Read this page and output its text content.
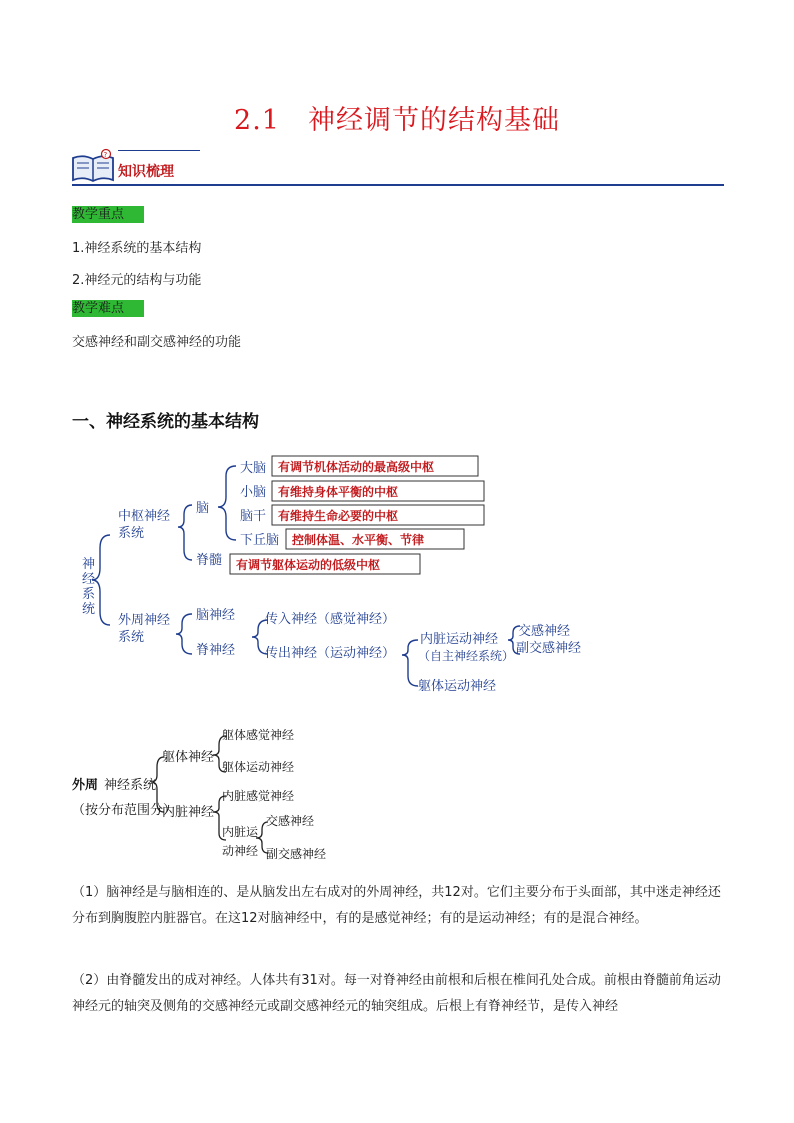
2.1　神经调节的结构基础
?
知识梳理
教学重点
1.神经系统的基本结构
2.神经元的结构与功能
教学难点
交感神经和副交感神经的功能
一、神经系统的基本结构
神
经
系
统
中枢神经
系统
脑
大脑
小脑
脑干
下丘脑
脊髓
外周神经
系统
脑神经
脊神经
传入神经（感觉神经）
传出神经（运动神经）
内脏运动神经
（自主神经系统）
躯体运动神经
交感神经
副交感神经
有调节机体活动的最高级中枢
有维持身体平衡的中枢
有维持生命必要的中枢
控制体温、水平衡、节律
有调节躯体运动的低级中枢
外周 神经系统
（按分布范围分）
躯体神经
躯体感觉神经
躯体运动神经
内脏神经
内脏感觉神经
内脏运
动神经
交感神经
副交感神经
（1）脑神经是与脑相连的、是从脑发出左右成对的外周神经，共12对。它们主要分布于头面部，其中迷走神经还分布到胸腹腔内脏器官。在这12对脑神经中，有的是感觉神经；有的是运动神经；有的是混合神经。
（2）由脊髓发出的成对神经。人体共有31对。每一对脊神经由前根和后根在椎间孔处合成。前根由脊髓前角运动神经元的轴突及侧角的交感神经元或副交感神经元的轴突组成。后根上有脊神经节，是传入神经
